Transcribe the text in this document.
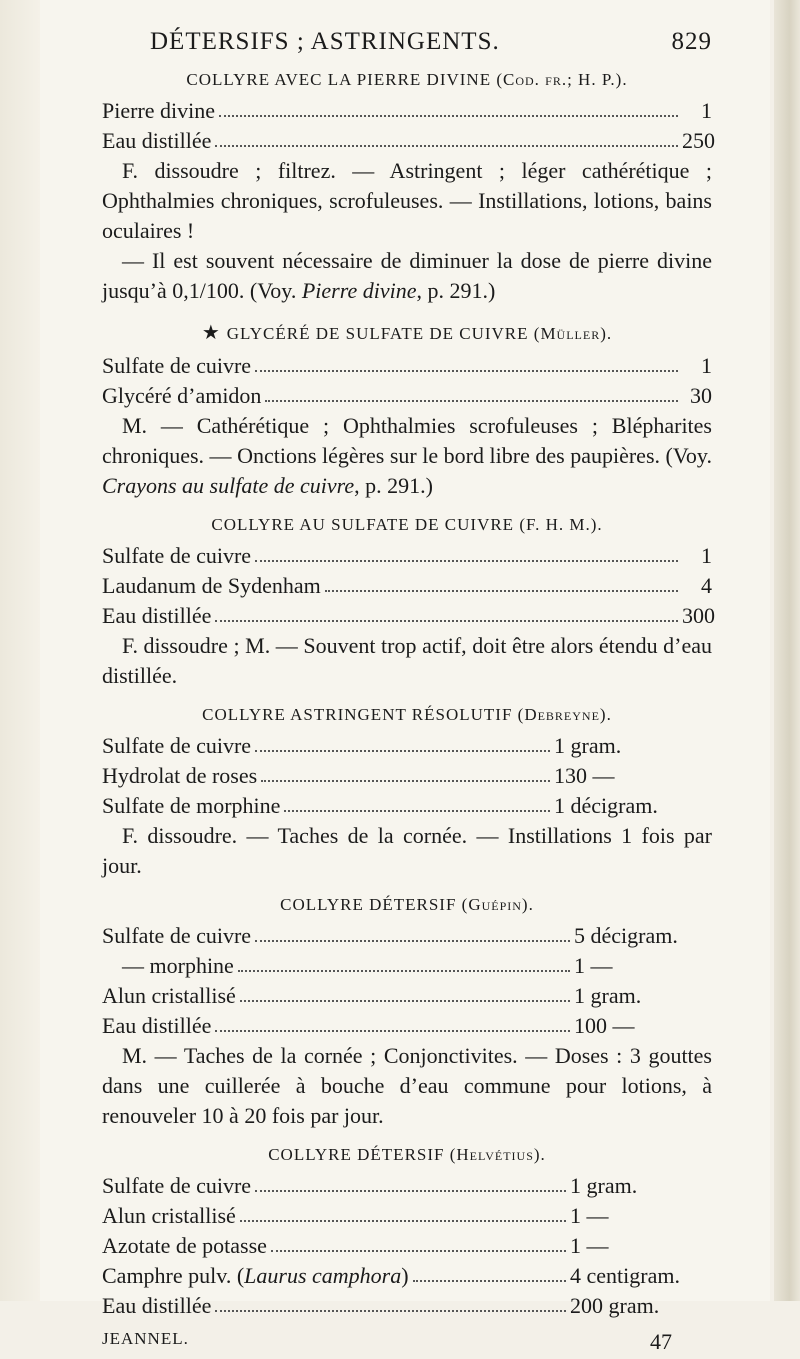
DÉTERSIFS ; ASTRINGENTS.	829
COLLYRE AVEC LA PIERRE DIVINE (Cod. fr.; H. P.).
Pierre divine	1
Eau distillée	250

F. dissoudre ; filtrez. — Astringent ; léger cathérétique ; Ophthalmies chroniques, scrofuleuses. — Instillations, lotions, bains oculaires !

— Il est souvent nécessaire de diminuer la dose de pierre divine jusqu’à 0,1/100. (Voy. Pierre divine, p. 291.)

★ GLYCÉRÉ DE SULFATE DE CUIVRE (Müller).
Sulfate de cuivre	1
Glycéré d’amidon	30

M. — Cathérétique ; Ophthalmies scrofuleuses ; Blépharites chroniques. — Onctions légères sur le bord libre des paupières. (Voy. Crayons au sulfate de cuivre, p. 291.)

COLLYRE AU SULFATE DE CUIVRE (F. H. M.).
Sulfate de cuivre	1
Laudanum de Sydenham	4
Eau distillée	300

F. dissoudre ; M. — Souvent trop actif, doit être alors étendu d’eau distillée.

COLLYRE ASTRINGENT RÉSOLUTIF (Debreyne).
Sulfate de cuivre	1 gram.
Hydrolat de roses	130 —
Sulfate de morphine	1 décigram.

F. dissoudre. — Taches de la cornée. — Instillations 1 fois par jour.

COLLYRE DÉTERSIF (Guépin).
Sulfate de cuivre	5 décigram.
— morphine	1 —
Alun cristallisé	1 gram.
Eau distillée	100 —

M. — Taches de la cornée ; Conjonctivites. — Doses : 3 gouttes dans une cuillerée à bouche d’eau commune pour lotions, à renouveler 10 à 20 fois par jour.

COLLYRE DÉTERSIF (Helvétius).
Sulfate de cuivre	1 gram.
Alun cristallisé	1 —
Azotate de potasse	1 —
Camphre pulv. (Laurus camphora)	4 centigram.
Eau distillée	200 gram.
JEANNEL.	47
